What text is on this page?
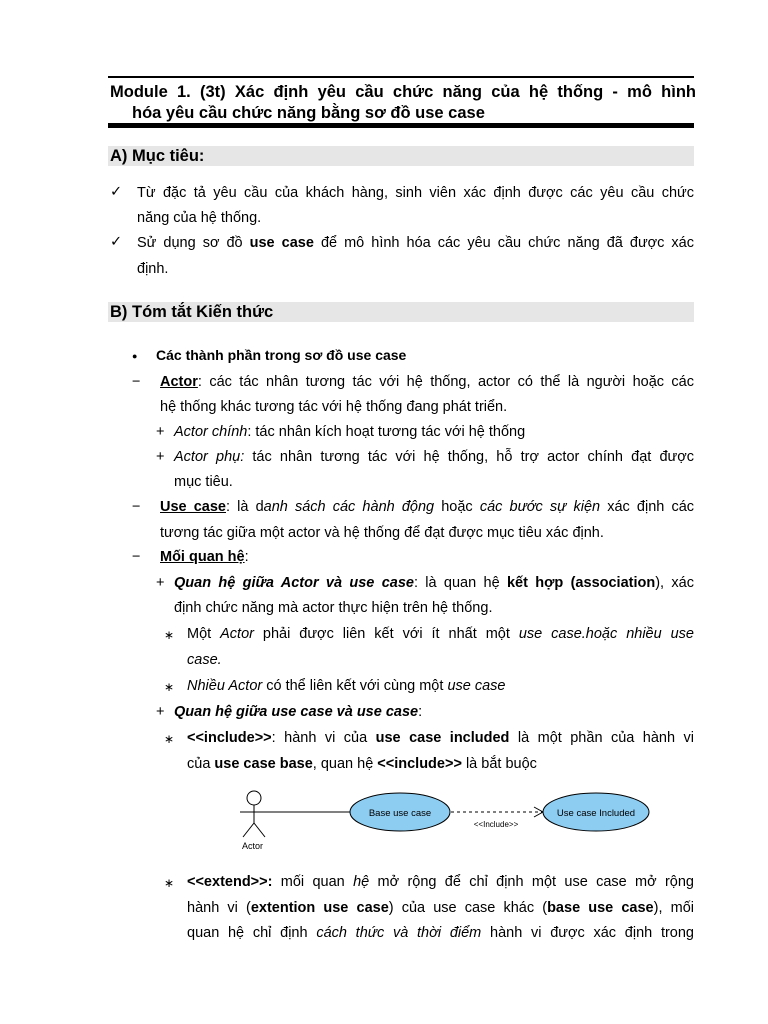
Module 1. (3t) Xác định yêu cầu chức năng của hệ thống - mô hình
hóa yêu cầu chức năng bằng sơ đồ use case
A) Mục tiêu:
✓ Từ đặc tả yêu cầu của khách hàng, sinh viên xác định được các yêu cầu chức
năng của hệ thống.
✓ Sử dụng sơ đồ use case để mô hình hóa các yêu cầu chức năng đã được xác
định.
B) Tóm tắt Kiến thức
● Các thành phần trong sơ đồ use case
− Actor: các tác nhân tương tác với hệ thống, actor có thể là người hoặc các
hệ thống khác tương tác với hệ thống đang phát triển.
+ Actor chính: tác nhân kích hoạt tương tác với hệ thống
+ Actor phụ: tác nhân tương tác với hệ thống, hỗ trợ actor chính đạt được
mục tiêu.
− Use case: là danh sách các hành động hoặc các bước sự kiện xác định các
tương tác giữa một actor và hệ thống để đạt được mục tiêu xác định.
− Mối quan hệ:
+ Quan hệ giữa Actor và use case: là quan hệ kết hợp (association), xác
định chức năng mà actor thực hiện trên hệ thống.
∗ Một Actor phải được liên kết với ít nhất một use case.hoặc nhiều use
case.
∗ Nhiều Actor có thể liên kết với cùng một use case
+ Quan hệ giữa use case và use case:
∗ <<include>>: hành vi của use case included là một phần của hành vi
của use case base, quan hệ <<include>> là bắt buộc
Actor
Base use case
<<Include>>
Use case Included
∗ <<extend>>: mối quan hệ mở rộng để chỉ định một use case mở rộng
hành vi (extention use case) của use case khác (base use case), mối
quan hệ chỉ định cách thức và thời điểm hành vi được xác định trong
